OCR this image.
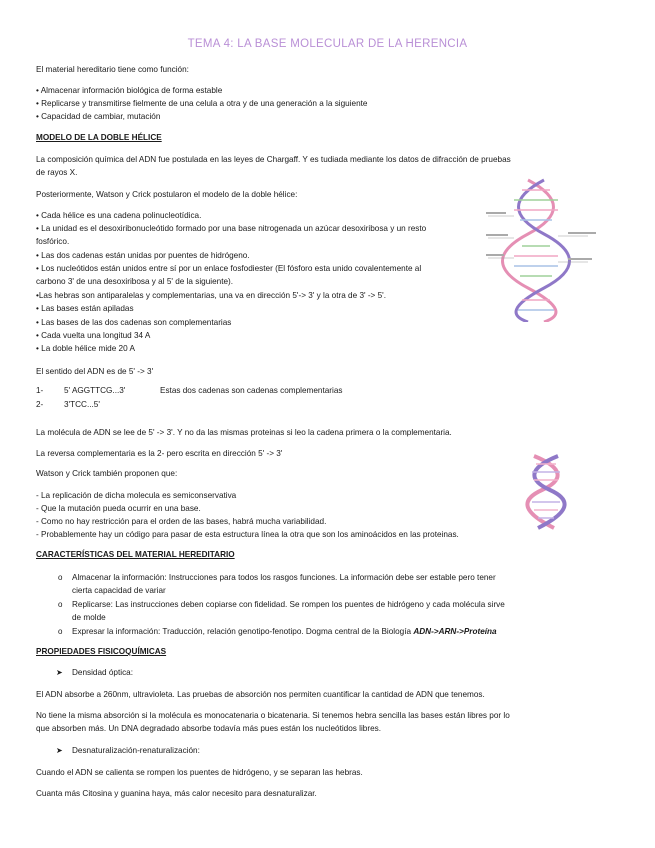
TEMA 4: LA BASE MOLECULAR DE LA HERENCIA
El material hereditario tiene como función:
• Almacenar información biológica de forma estable
• Replicarse y transmitirse fielmente de una celula a otra y de una generación a la siguiente
• Capacidad de cambiar, mutación
MODELO DE LA DOBLE HÉLICE
La composición química del ADN fue postulada en las leyes de Chargaff. Y es tudiada mediante los datos de difracción de pruebas
de rayos X.
Posteriormente, Watson y Crick postularon el modelo de la doble hélice:
• Cada hélice es una cadena polinucleotídica.
• La unidad es el desoxiribonucleótido formado por una base nitrogenada un azúcar desoxiribosa y un resto
fosfórico.
• Las dos cadenas están unidas por puentes de hidrógeno.
• Los nucleótidos están unidos entre sí por un enlace fosfodiester (El fósforo esta unido covalentemente al
carbono 3' de una desoxiribosa y al 5' de la siguiente).
•Las hebras son antiparalelas y complementarias, una va en dirección 5'-> 3' y la otra de 3' -> 5'.
• Las bases están apiladas
• Las bases de las dos cadenas son complementarias
• Cada vuelta una longitud 34 A
• La doble hélice mide 20 A
El sentido del ADN es de 5' -> 3'
1-	5' AGGTTCG...3'	Estas dos cadenas son cadenas complementarias
2-	3'TCC...5'
La molécula de ADN se lee de 5' -> 3'. Y no da las mismas proteinas si leo la cadena primera o la complementaria.
La reversa complementaria es la 2- pero escrita en dirección 5' -> 3'
Watson y Crick también proponen que:
- La replicación de dicha molecula es semiconservativa
- Que la mutación pueda ocurrir en una base.
- Como no hay restricción para el orden de las bases, habrá mucha variabilidad.
- Probablemente hay un código para pasar de esta estructura línea la otra que son los aminoácidos en las proteinas.
CARACTERÍSTICAS DEL MATERIAL HEREDITARIO
o Almacenar la información: Instrucciones para todos los rasgos funciones. La información debe ser estable pero tener
cierta capacidad de variar
o Replicarse: Las instrucciones deben copiarse con fidelidad. Se rompen los puentes de hidrógeno y cada molécula sirve
de molde
o Expresar la información: Traducción, relación genotipo-fenotipo. Dogma central de la Biología ADN->ARN->Proteína
PROPIEDADES FISICOQUÍMICAS
➤ Densidad óptica:
El ADN absorbe a 260nm, ultravioleta. Las pruebas de absorción nos permiten cuantificar la cantidad de ADN que tenemos.
No tiene la misma absorción si la molécula es monocatenaria o bicatenaria. Si tenemos hebra sencilla las bases están libres por lo
que absorben más. Un DNA degradado absorbe todavía más pues están los nucleótidos libres.
➤ Desnaturalización-renaturalización:
Cuando el ADN se calienta se rompen los puentes de hidrógeno, y se separan las hebras.
Cuanta más Citosina y guanina haya, más calor necesito para desnaturalizar.
